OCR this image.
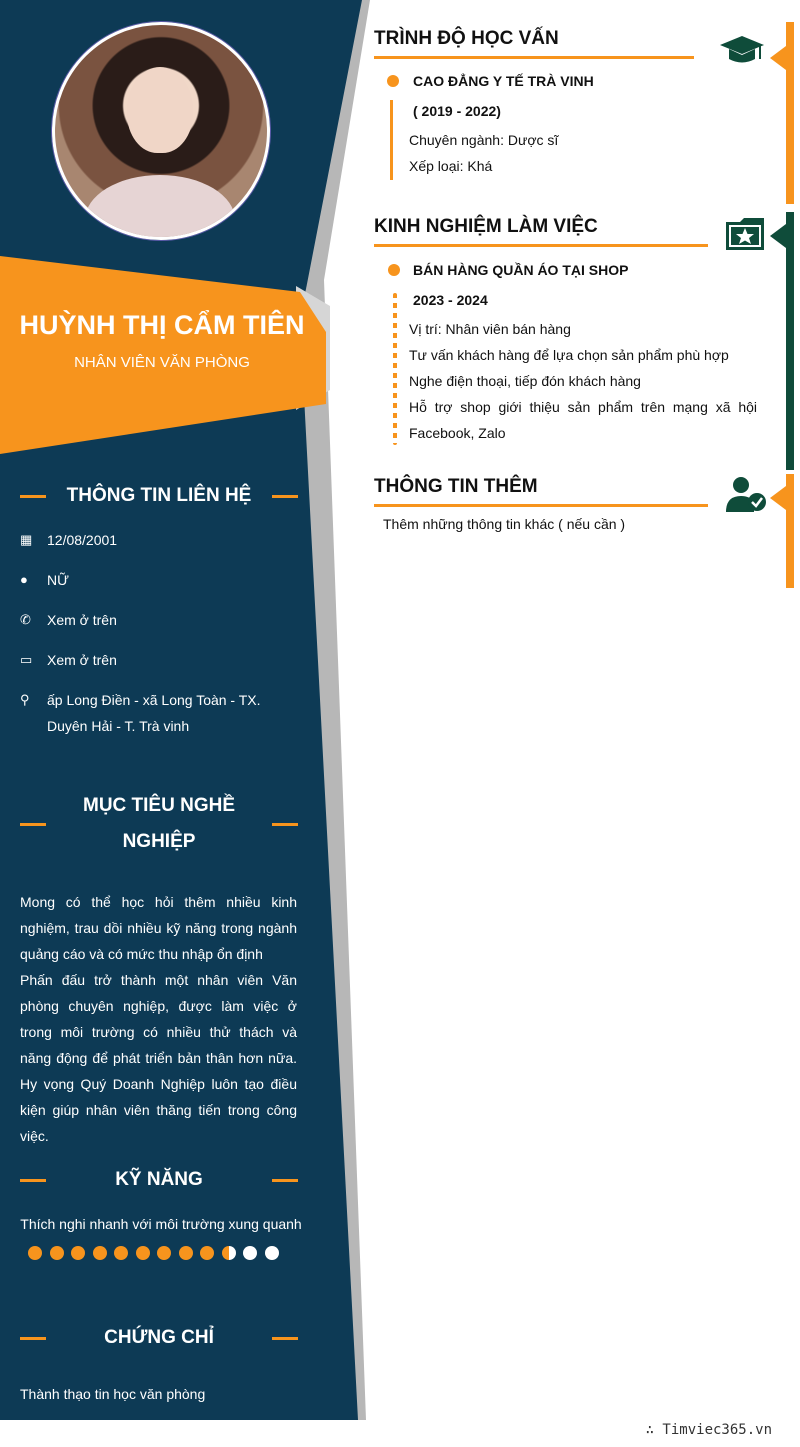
HUỲNH THỊ CẨM TIÊN
NHÂN VIÊN VĂN PHÒNG
THÔNG TIN LIÊN HỆ
▦	12/08/2001
●	NỮ
✆	Xem ở trên
▭	Xem ở trên
⚲	ấp Long Điền - xã Long Toàn - TX. Duyên Hải - T. Trà vinh
MỤC TIÊU NGHỀ
NGHIỆP
Mong có thể học hỏi thêm nhiều kinh nghiệm, trau dồi nhiều kỹ năng trong ngành quảng cáo và có mức thu nhập ổn định
Phấn đấu trở thành một nhân viên Văn phòng chuyên nghiệp, được làm việc ở trong môi trường có nhiều thử thách và năng động để phát triển bản thân hơn nữa. Hy vọng Quý Doanh Nghiệp luôn tạo điều kiện giúp nhân viên thăng tiến trong công việc.
KỸ NĂNG
Thích nghi nhanh với môi trường xung quanh
CHỨNG CHỈ
Thành thạo tin học văn phòng
TRÌNH ĐỘ HỌC VẤN
CAO ĐẲNG Y TẾ TRÀ VINH
( 2019 - 2022)
Chuyên ngành: Dược sĩ
Xếp loại: Khá
KINH NGHIỆM LÀM VIỆC
BÁN HÀNG QUẦN ÁO TẠI SHOP
2023 - 2024
Vị trí: Nhân viên bán hàng
Tư vấn khách hàng để lựa chọn sản phẩm phù hợp
Nghe điện thoại, tiếp đón khách hàng
Hỗ trợ shop giới thiệu sản phẩm trên mạng xã hội Facebook, Zalo
THÔNG TIN THÊM
Thêm những thông tin khác ( nếu cần )
∴ Timviec365.vn
